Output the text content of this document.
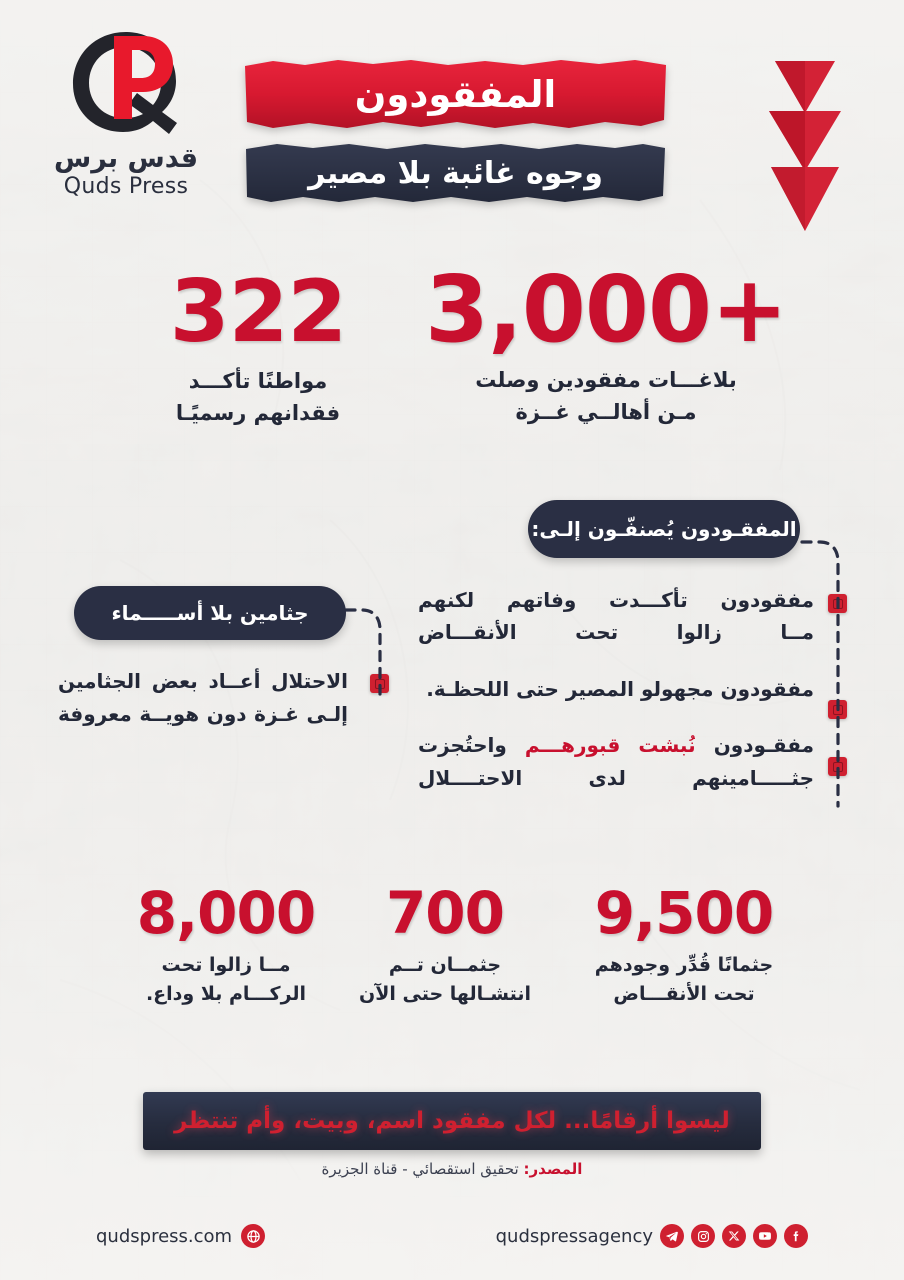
قدس برس
Quds Press
المفقودون
وجوه غائبة بلا مصير
322
مواطنًا تأكـــد
فقدانهم رسميًـا
3,000+
بلاغـــات مفقودين وصلت
مـن أهالــي غــزة
المفقـودون يُصنفّـون إلـى:
مفقودون تأكـــدت وفاتهم لكنهم
مــا زالوا تحت الأنقـــاض
مفقودون مجهولو المصير حتى اللحظـة.
مفقـودون نُبشت قبورهـــم واحتُجزت
جثـــــامينهم لدى الاحتــــلال
جثامين بلا أســـــماء
الاحتلال أعــاد بعض الجثامين
إلـى غـزة دون هويــة معروفة
8,000
مــا زالوا تحت
الركـــام بلا وداع.
700
جثمــان تــم
انتشـالها حتى الآن
9,500
جثمانًا قُدِّر وجودهم
تحت الأنقـــاض
ليسوا أرقامًا... لكل مفقود اسم، وبيت، وأم تنتظر
المصدر: تحقيق استقصائي - قناة الجزيرة
qudspress.com	qudspressagency
